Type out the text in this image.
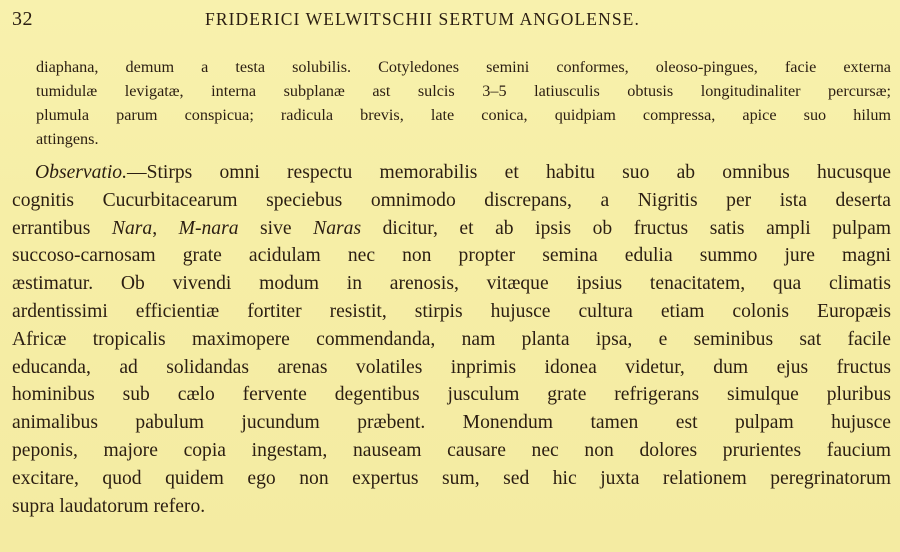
32	FRIDERICI WELWITSCHII SERTUM ANGOLENSE.
diaphana, demum a testa solubilis. Cotyledones semini conformes, oleoso-pingues, facie externa
tumidulæ levigatæ, interna subplanæ ast sulcis 3–5 latiusculis obtusis longitudinaliter percursæ;
plumula parum conspicua; radicula brevis, late conica, quidpiam compressa, apice suo hilum
attingens.
Observatio.—Stirps omni respectu memorabilis et habitu suo ab omnibus hucusque
cognitis Cucurbitacearum speciebus omnimodo discrepans, a Nigritis per ista deserta
errantibus Nara, M-nara sive Naras dicitur, et ab ipsis ob fructus satis ampli pulpam
succoso-carnosam grate acidulam nec non propter semina edulia summo jure magni
æstimatur. Ob vivendi modum in arenosis, vitæque ipsius tenacitatem, qua climatis
ardentissimi efficientiæ fortiter resistit, stirpis hujusce cultura etiam colonis Europæis
Africæ tropicalis maximopere commendanda, nam planta ipsa, e seminibus sat facile
educanda, ad solidandas arenas volatiles inprimis idonea videtur, dum ejus fructus
hominibus sub cælo fervente degentibus jusculum grate refrigerans simulque pluribus
animalibus pabulum jucundum præbent. Monendum tamen est pulpam hujusce
peponis, majore copia ingestam, nauseam causare nec non dolores prurientes faucium
excitare, quod quidem ego non expertus sum, sed hic juxta relationem peregrinatorum
supra laudatorum refero.
